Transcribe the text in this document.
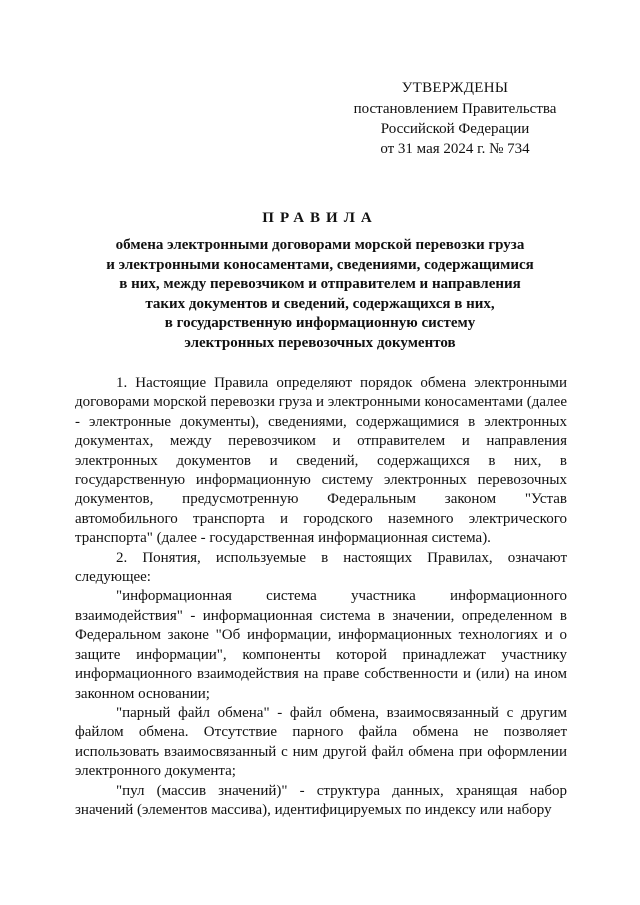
УТВЕРЖДЕНЫ
постановлением Правительства
Российской Федерации
от 31 мая 2024 г. № 734
ПРАВИЛА
обмена электронными договорами морской перевозки груза
и электронными коносаментами, сведениями, содержащимися
в них, между перевозчиком и отправителем и направления
таких документов и сведений, содержащихся в них,
в государственную информационную систему
электронных перевозочных документов

1. Настоящие Правила определяют порядок обмена электронными договорами морской перевозки груза и электронными коносаментами (далее - электронные документы), сведениями, содержащимися в электронных документах, между перевозчиком и отправителем и направления электронных документов и сведений, содержащихся в них, в государственную информационную систему электронных перевозочных документов, предусмотренную Федеральным законом "Устав автомобильного транспорта и городского наземного электрического транспорта" (далее - государственная информационная система).

2. Понятия, используемые в настоящих Правилах, означают следующее:

"информационная система участника информационного взаимодействия" - информационная система в значении, определенном в Федеральном законе "Об информации, информационных технологиях и о защите информации", компоненты которой принадлежат участнику информационного взаимодействия на праве собственности и (или) на ином законном основании;

"парный файл обмена" - файл обмена, взаимосвязанный с другим файлом обмена. Отсутствие парного файла обмена не позволяет использовать взаимосвязанный с ним другой файл обмена при оформлении электронного документа;

"пул (массив значений)" - структура данных, хранящая набор значений (элементов массива), идентифицируемых по индексу или набору
